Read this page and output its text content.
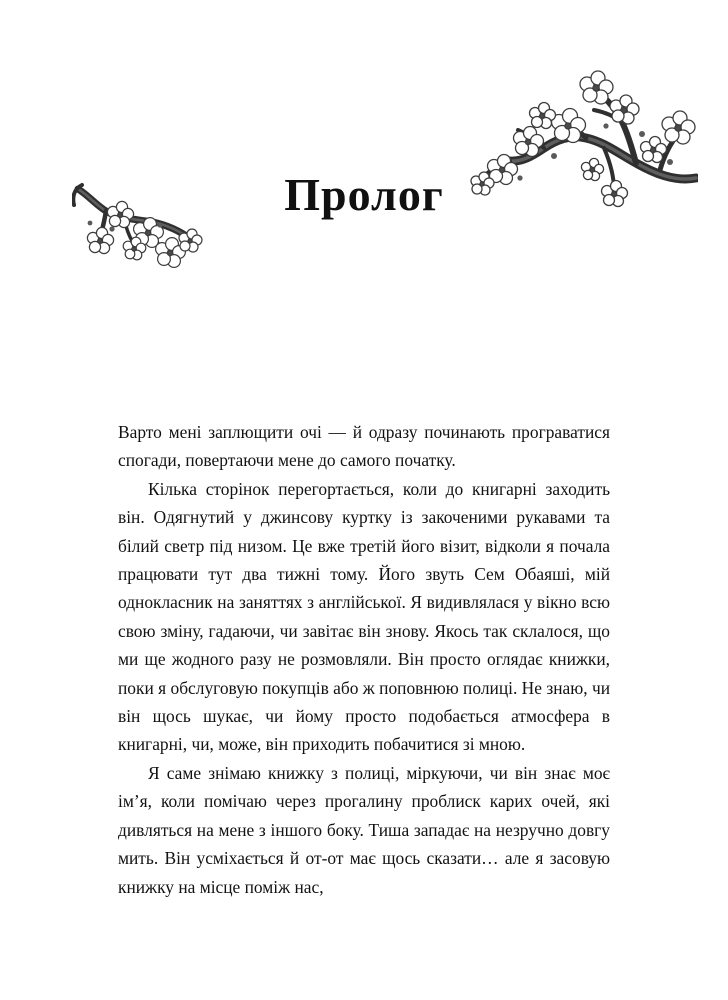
Пролог

Варто мені заплющити очі — й одразу починають програватися спогади, повертаючи мене до самого початку.

Кілька сторінок перегортається, коли до книгарні заходить він. Одягнутий у джинсову куртку із закоченими рукавами та білий светр під низом. Це вже третій його візит, відколи я почала працювати тут два тижні тому. Його звуть Сем Обаяші, мій однокласник на заняттях з англійської. Я видивлялася у вікно всю свою зміну, гадаючи, чи завітає він знову. Якось так склалося, що ми ще жодного разу не розмовляли. Він просто оглядає книжки, поки я обслуговую покупців або ж поповнюю полиці. Не знаю, чи він щось шукає, чи йому просто подобається атмосфера в книгарні, чи, може, він приходить побачитися зі мною.

Я саме знімаю книжку з полиці, міркуючи, чи він знає моє ім’я, коли помічаю через прогалину проблиск карих очей, які дивляться на мене з іншого боку. Тиша западає на незручно довгу мить. Він усміхається й от-от має щось сказати… але я засовую книжку на місце поміж нас,
